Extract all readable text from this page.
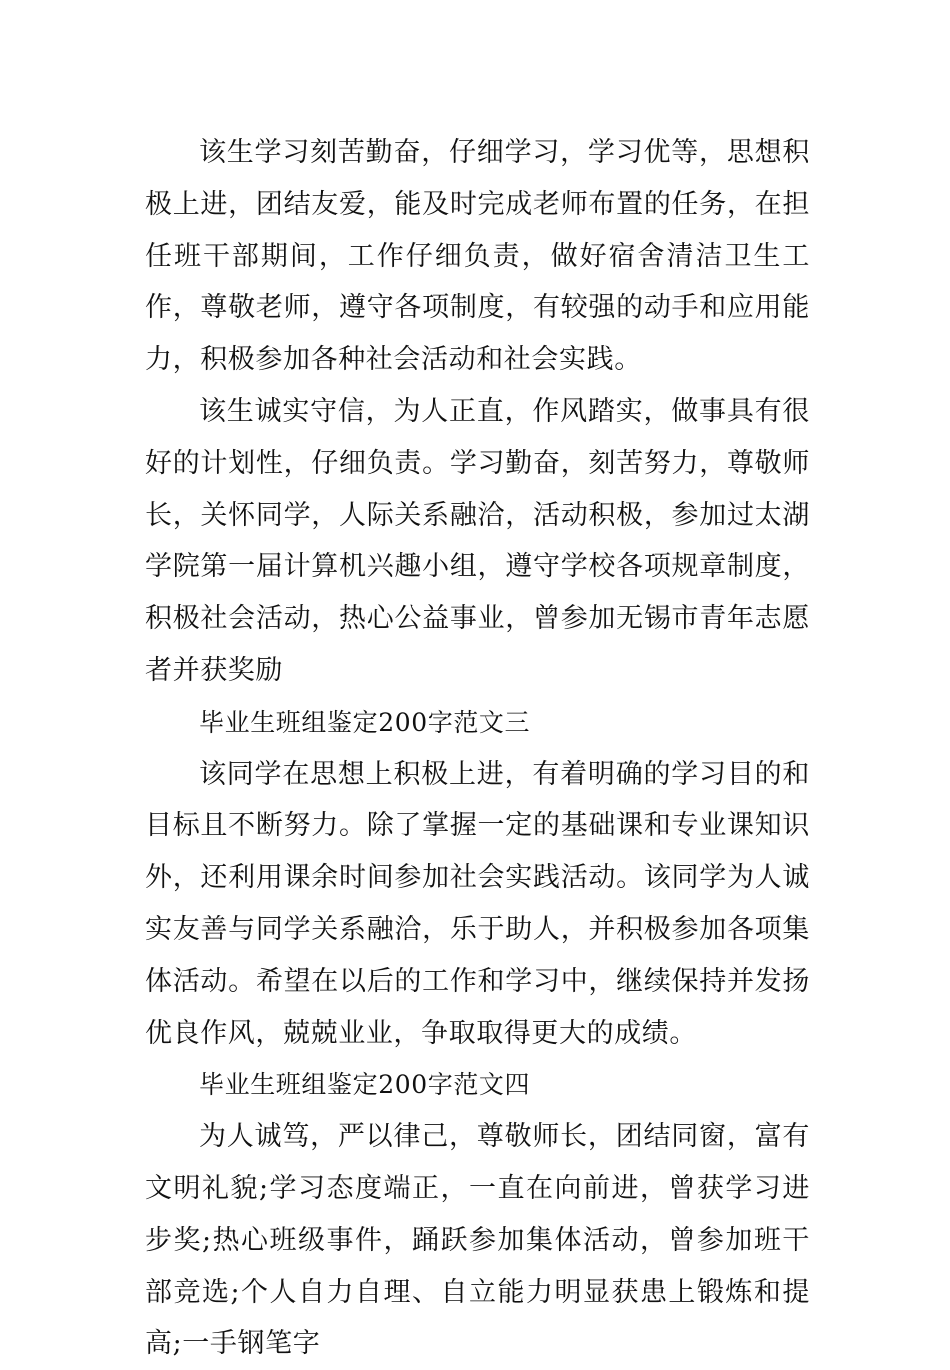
该生学习刻苦勤奋，仔细学习，学习优等，思想积极上进，团结友爱，能及时完成老师布置的任务，在担任班干部期间，工作仔细负责，做好宿舍清洁卫生工作，尊敬老师，遵守各项制度，有较强的动手和应用能力，积极参加各种社会活动和社会实践。

该生诚实守信，为人正直，作风踏实，做事具有很好的计划性，仔细负责。学习勤奋，刻苦努力，尊敬师长，关怀同学，人际关系融洽，活动积极，参加过太湖学院第一届计算机兴趣小组，遵守学校各项规章制度，积极社会活动，热心公益事业，曾参加无锡市青年志愿者并获奖励

毕业生班组鉴定200字范文三

该同学在思想上积极上进，有着明确的学习目的和目标且不断努力。除了掌握一定的基础课和专业课知识外，还利用课余时间参加社会实践活动。该同学为人诚实友善与同学关系融洽，乐于助人，并积极参加各项集体活动。希望在以后的工作和学习中，继续保持并发扬优良作风，兢兢业业，争取取得更大的成绩。

毕业生班组鉴定200字范文四

为人诚笃，严以律己，尊敬师长，团结同窗，富有文明礼貌;学习态度端正，一直在向前进，曾获学习进步奖;热心班级事件，踊跃参加集体活动，曾参加班干部竞选;个人自力自理、自立能力明显获患上锻炼和提高;一手钢笔字
